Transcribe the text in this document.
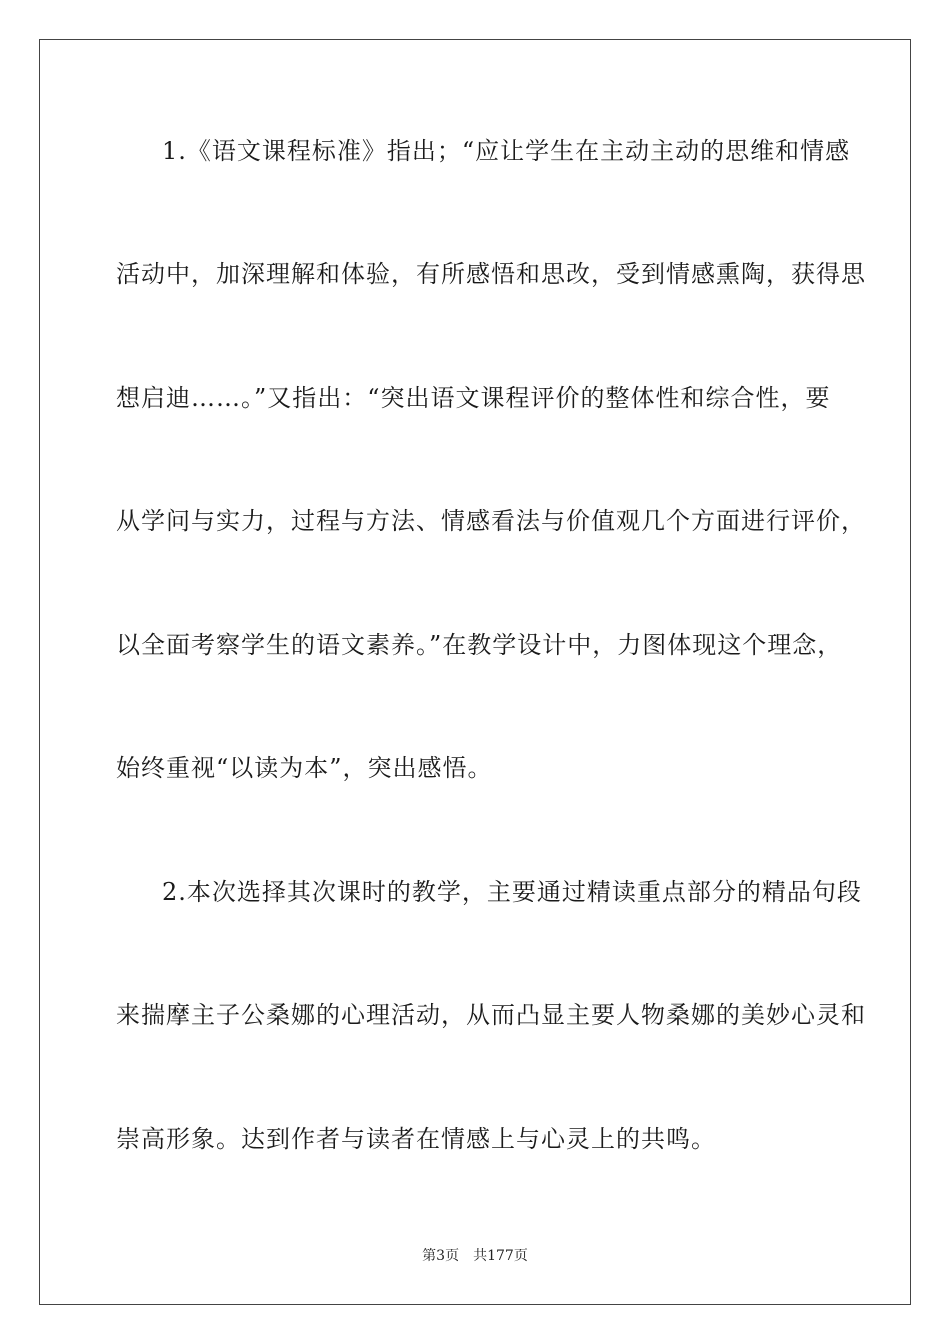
1.《语文课程标准》指出；“应让学生在主动主动的思维和情感
活动中，加深理解和体验，有所感悟和思改，受到情感熏陶，获得思
想启迪……。”又指出：“突出语文课程评价的整体性和综合性，要
从学问与实力，过程与方法、情感看法与价值观几个方面进行评价，
以全面考察学生的语文素养。”在教学设计中，力图体现这个理念，
始终重视“以读为本”，突出感悟。
2.本次选择其次课时的教学，主要通过精读重点部分的精品句段
来揣摩主子公桑娜的心理活动，从而凸显主要人物桑娜的美妙心灵和
崇高形象。达到作者与读者在情感上与心灵上的共鸣。
第3页 共177页
